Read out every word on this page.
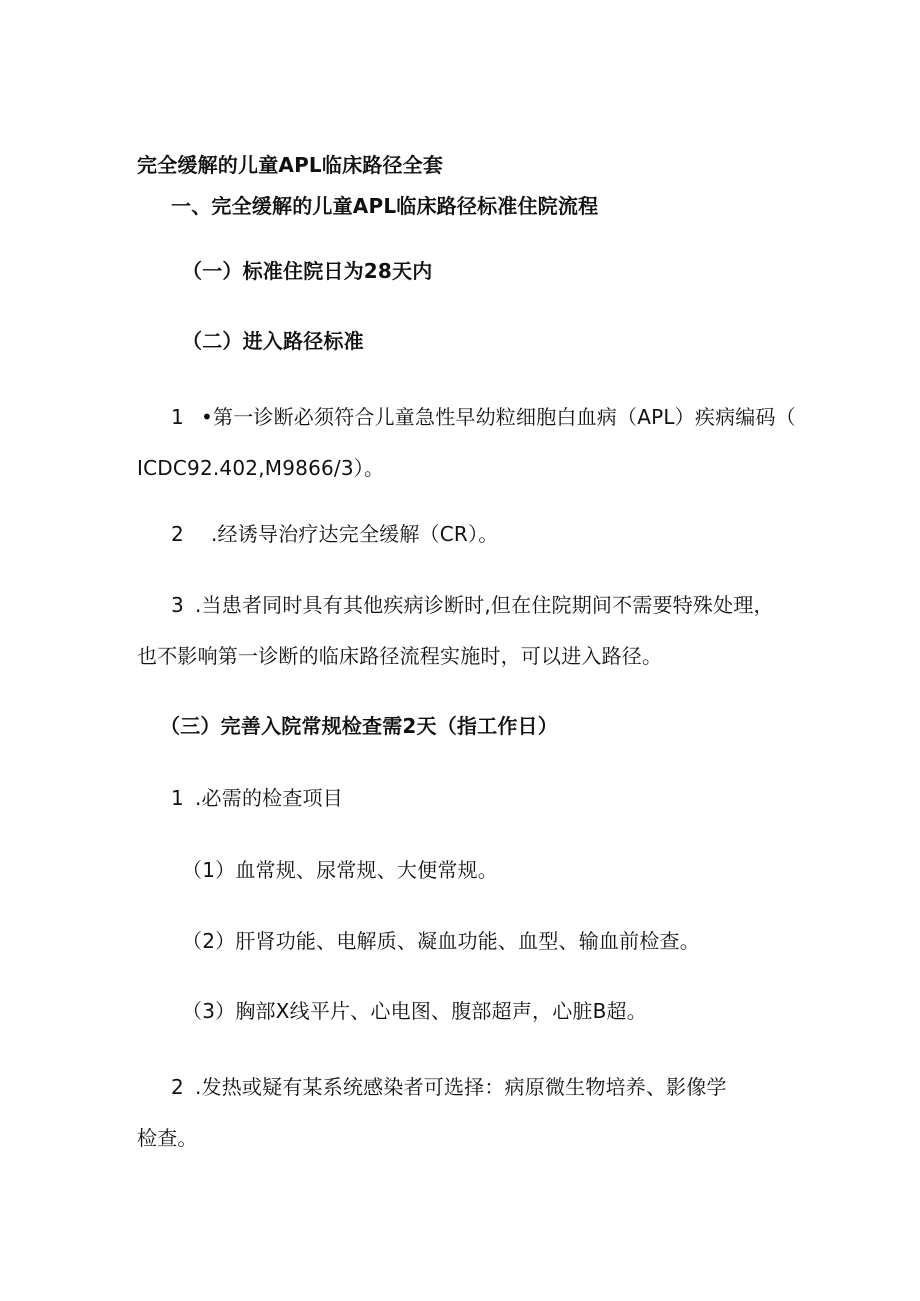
完全缓解的儿童APL临床路径全套
一、完全缓解的儿童APL临床路径标准住院流程
（一）标准住院日为28天内
（二）进入路径标准
1 •第一诊断必须符合儿童急性早幼粒细胞白血病（APL）疾病编码（
ICDC92.402,M9866/3）。
2 .经诱导治疗达完全缓解（CR）。
3 .当患者同时具有其他疾病诊断时,但在住院期间不需要特殊处理，
也不影响第一诊断的临床路径流程实施时，可以进入路径。
（三）完善入院常规检查需2天（指工作日）
1 .必需的检查项目
（1）血常规、尿常规、大便常规。
（2）肝肾功能、电解质、凝血功能、血型、输血前检查。
（3）胸部X线平片、心电图、腹部超声，心脏B超。
2 .发热或疑有某系统感染者可选择：病原微生物培养、影像学
检查。
